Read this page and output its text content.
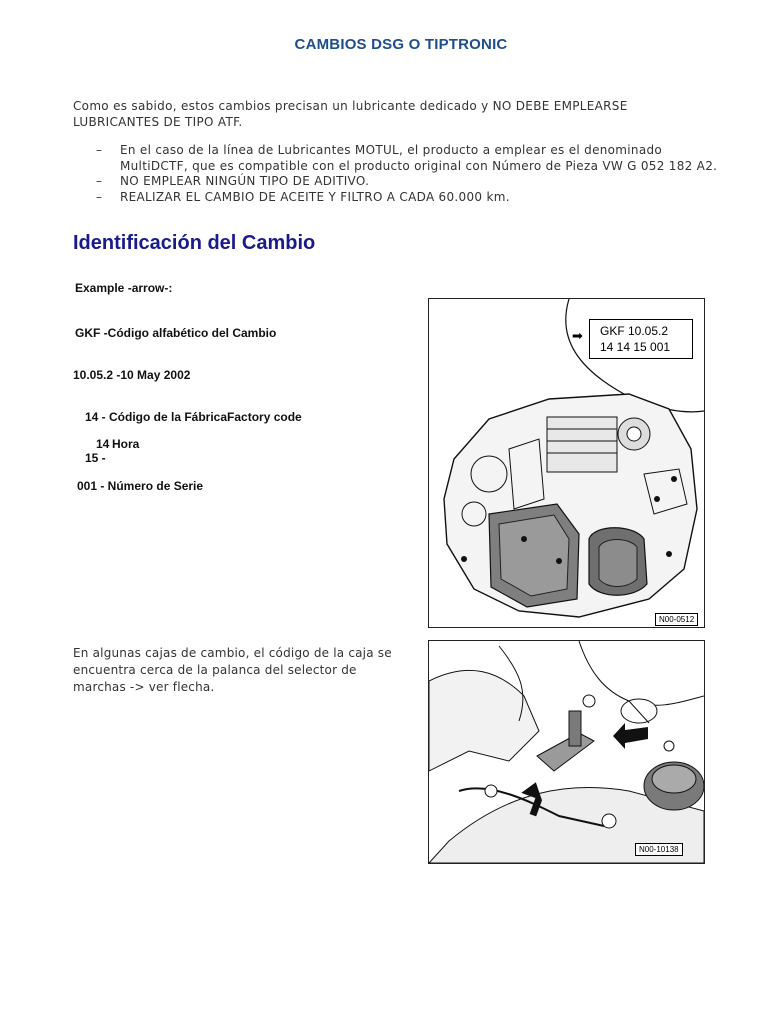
CAMBIOS DSG O TIPTRONIC
Como es sabido, estos cambios precisan un lubricante dedicado y NO DEBE EMPLEARSE LUBRICANTES DE TIPO ATF.
– En el caso de la línea de Lubricantes MOTUL, el producto a emplear es el denominado MultiDCTF, que es compatible con el producto original con Número de Pieza VW G 052 182 A2.
– NO EMPLEAR NINGÚN TIPO DE ADITIVO.
– REALIZAR EL CAMBIO DE ACEITE Y FILTRO A CADA 60.000 km.
Identificación del Cambio
Example -arrow-:
GKF -Código alfabético del Cambio
10.05.2 -10 May 2002
14 - Código de la FábricaFactory code
14 Hora
15 -
001 - Número de Serie
GKF 10.05.2
14 14 15 001
➡
N00-0512
En algunas cajas de cambio, el código de la caja se encuentra cerca de la palanca del selector de marchas -> ver flecha.
N00-10138
